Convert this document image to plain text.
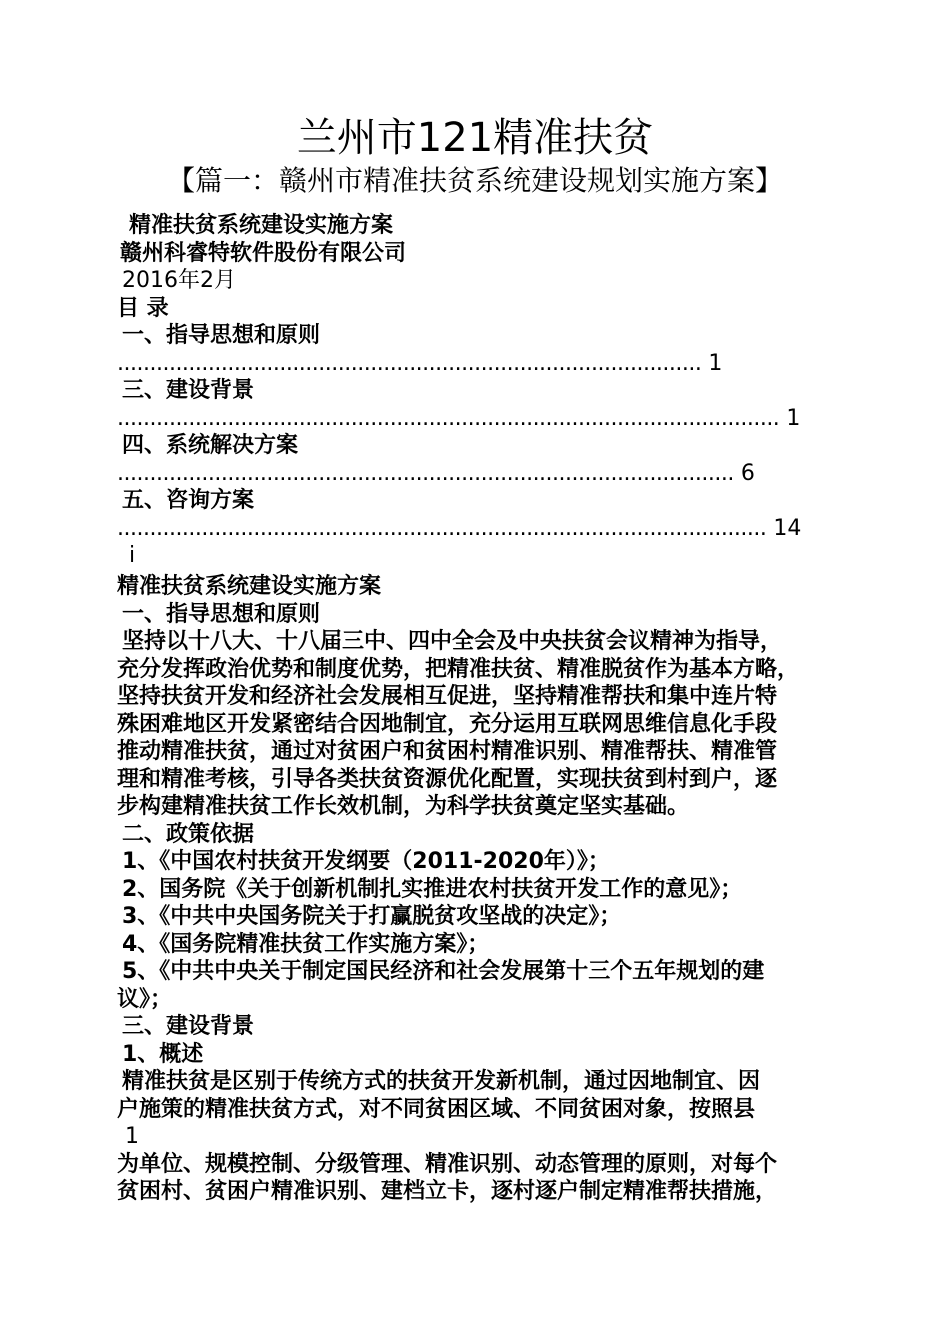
兰州市121精准扶贫
【篇一：赣州市精准扶贫系统建设规划实施方案】
精准扶贫系统建设实施方案
赣州科睿特软件股份有限公司
2016年2月
目 录
一、指导思想和原则
.......................................................................................... 1
三、建设背景
...................................................................................................... 1
四、系统解决方案
............................................................................................... 6
五、咨询方案
.................................................................................................... 14
i
精准扶贫系统建设实施方案
一、指导思想和原则
坚持以十八大、十八届三中、四中全会及中央扶贫会议精神为指导，
充分发挥政治优势和制度优势，把精准扶贫、精准脱贫作为基本方略，
坚持扶贫开发和经济社会发展相互促进，坚持精准帮扶和集中连片特
殊困难地区开发紧密结合因地制宜，充分运用互联网思维信息化手段
推动精准扶贫，通过对贫困户和贫困村精准识别、精准帮扶、精准管
理和精准考核，引导各类扶贫资源优化配置，实现扶贫到村到户，逐
步构建精准扶贫工作长效机制，为科学扶贫奠定坚实基础。
二、政策依据
1、《中国农村扶贫开发纲要（2011-2020年）》；
2、国务院《关于创新机制扎实推进农村扶贫开发工作的意见》；
3、《中共中央国务院关于打赢脱贫攻坚战的决定》；
4、《国务院精准扶贫工作实施方案》；
5、《中共中央关于制定国民经济和社会发展第十三个五年规划的建
议》；
三、建设背景
1、概述
精准扶贫是区别于传统方式的扶贫开发新机制，通过因地制宜、因
户施策的精准扶贫方式，对不同贫困区域、不同贫困对象，按照县
1
为单位、规模控制、分级管理、精准识别、动态管理的原则，对每个
贫困村、贫困户精准识别、建档立卡，逐村逐户制定精准帮扶措施，
